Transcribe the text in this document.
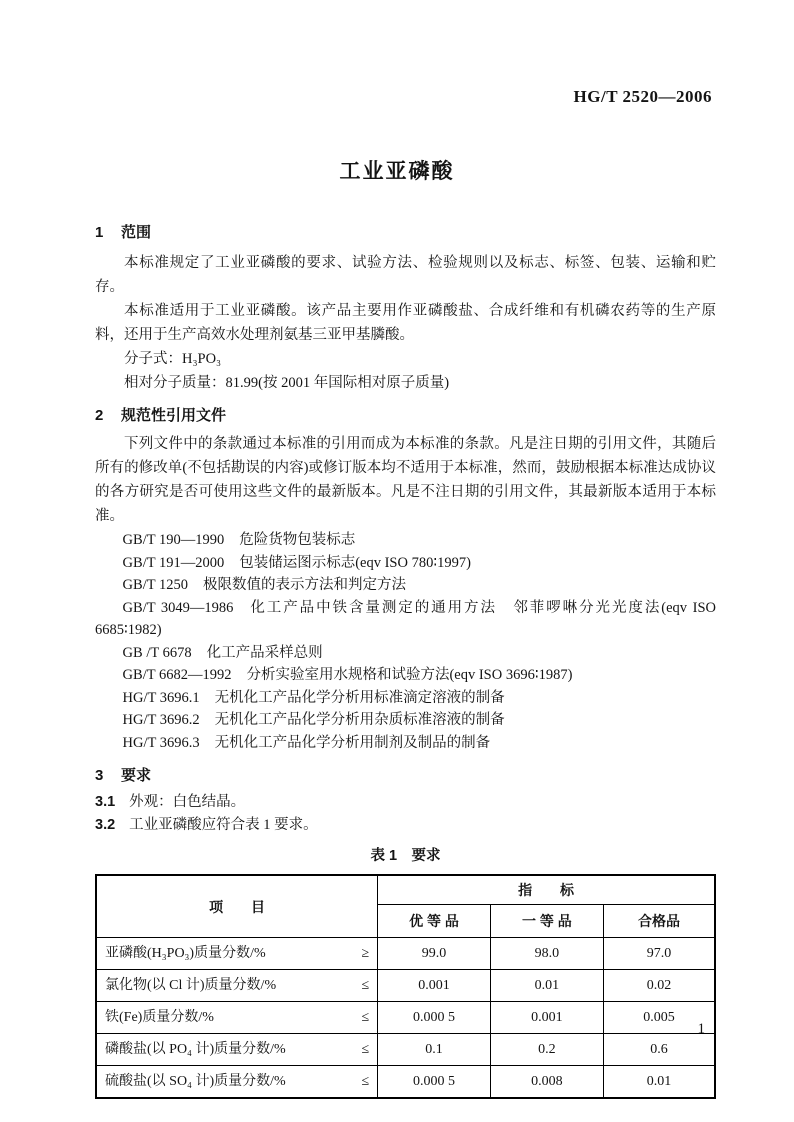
HG/T 2520—2006
工业亚磷酸

1 范围

本标准规定了工业亚磷酸的要求、试验方法、检验规则以及标志、标签、包装、运输和贮存。

本标准适用于工业亚磷酸。该产品主要用作亚磷酸盐、合成纤维和有机磷农药等的生产原料，还用于生产高效水处理剂氨基三亚甲基膦酸。

分子式：H₃PO₃

相对分子质量：81.99(按 2001 年国际相对原子质量)

2 规范性引用文件

下列文件中的条款通过本标准的引用而成为本标准的条款。凡是注日期的引用文件，其随后所有的修改单(不包括勘误的内容)或修订版本均不适用于本标准，然而，鼓励根据本标准达成协议的各方研究是否可使用这些文件的最新版本。凡是不注日期的引用文件，其最新版本适用于本标准。

GB/T 190—1990 危险货物包装标志
GB/T 191—2000 包装储运图示标志(eqv ISO 780∶1997)
GB/T 1250 极限数值的表示方法和判定方法
GB/T 3049—1986 化工产品中铁含量测定的通用方法　邻菲啰啉分光光度法(eqv ISO 6685∶1982)
GB /T 6678 化工产品采样总则
GB/T 6682—1992 分析实验室用水规格和试验方法(eqv ISO 3696∶1987)
HG/T 3696.1 无机化工产品化学分析用标准滴定溶液的制备
HG/T 3696.2 无机化工产品化学分析用杂质标准溶液的制备
HG/T 3696.3 无机化工产品化学分析用制剂及制品的制备

3 要求

3.1 外观：白色结晶。

3.2 工业亚磷酸应符合表 1 要求。

表 1　要求
项　　目	指　　标		
	优 等 品	一 等 品	合格品

亚磷酸(H₃PO₃)质量分数/% ≥	99.0	98.0	97.0

氯化物(以 Cl 计)质量分数/% ≤	0.001	0.01	0.02

铁(Fe)质量分数/% ≤	0.000 5	0.001	0.005

磷酸盐(以 PO₄ 计)质量分数/% ≤	0.1	0.2	0.6

硫酸盐(以 SO₄ 计)质量分数/% ≤	0.000 5	0.008	0.01
1
